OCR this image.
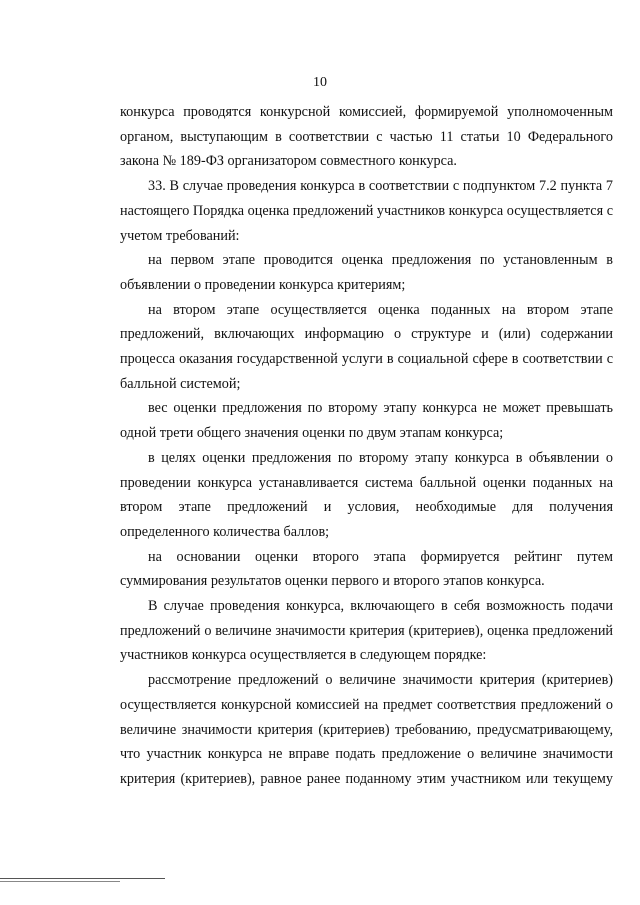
10

конкурса проводятся конкурсной комиссией, формируемой уполномоченным органом, выступающим в соответствии с частью 11 статьи 10 Федерального закона № 189-ФЗ организатором совместного конкурса.

33. В случае проведения конкурса в соответствии с подпунктом 7.2 пункта 7 настоящего Порядка оценка предложений участников конкурса осуществляется с учетом требований:

на первом этапе проводится оценка предложения по установленным в объявлении о проведении конкурса критериям;

на втором этапе осуществляется оценка поданных на втором этапе предложений, включающих информацию о структуре и (или) содержании процесса оказания государственной услуги в социальной сфере в соответствии с балльной системой;

вес оценки предложения по второму этапу конкурса не может превышать одной трети общего значения оценки по двум этапам конкурса;

в целях оценки предложения по второму этапу конкурса в объявлении о проведении конкурса устанавливается система балльной оценки поданных на втором этапе предложений и условия, необходимые для получения определенного количества баллов;

на основании оценки второго этапа формируется рейтинг путем суммирования результатов оценки первого и второго этапов конкурса.

В случае проведения конкурса, включающего в себя возможность подачи предложений о величине значимости критерия (критериев), оценка предложений участников конкурса осуществляется в следующем порядке:

рассмотрение предложений о величине значимости критерия (критериев) осуществляется конкурсной комиссией на предмет соответствия предложений о величине значимости критерия (критериев) требованию, предусматривающему, что участник конкурса не вправе подать предложение о величине значимости критерия (критериев), равное ранее поданному этим участником или текущему
